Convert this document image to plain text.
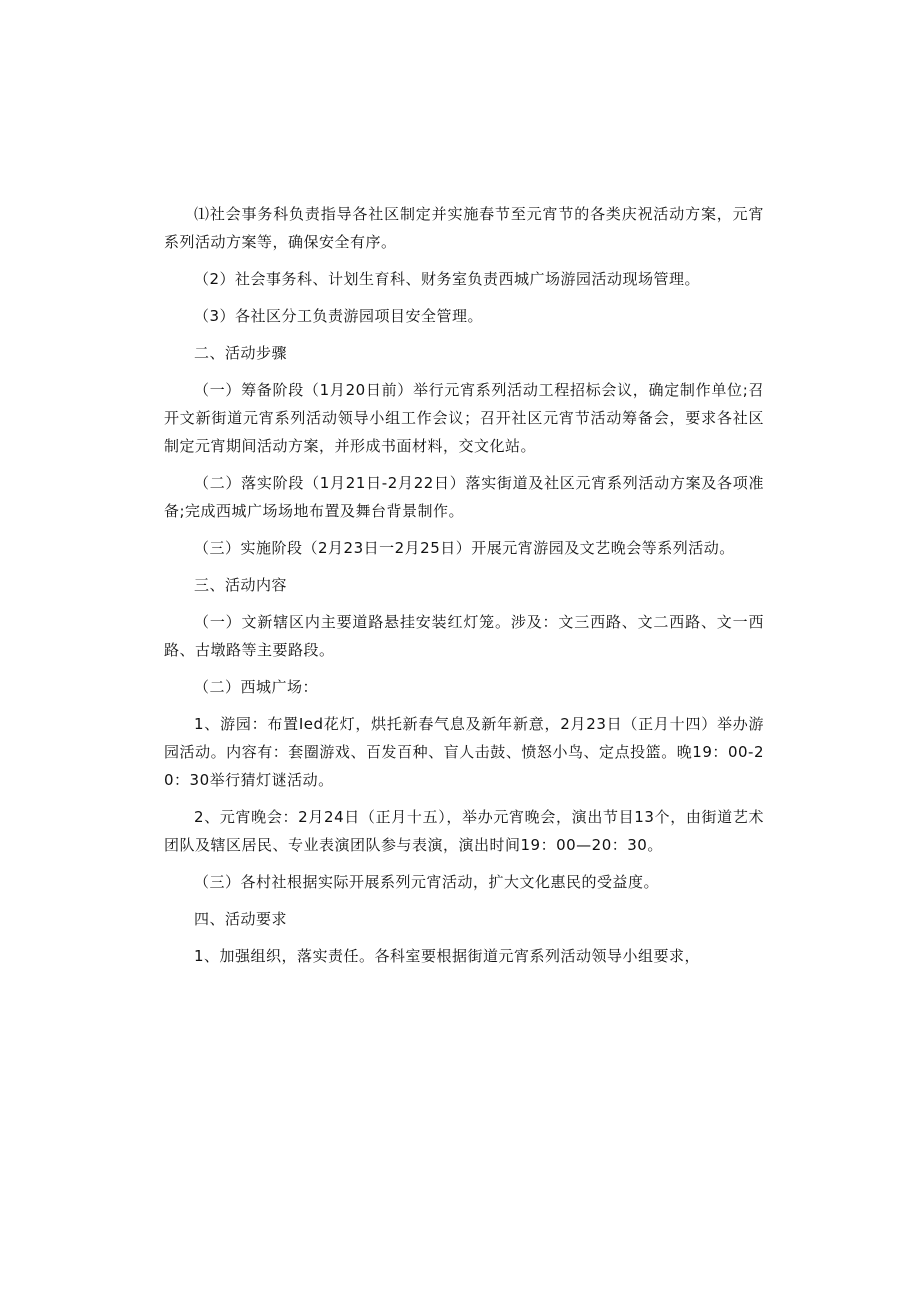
⑴社会事务科负责指导各社区制定并实施春节至元宵节的各类庆祝活动方案，元宵系列活动方案等，确保安全有序。

（2）社会事务科、计划生育科、财务室负责西城广场游园活动现场管理。

（3）各社区分工负责游园项目安全管理。

二、活动步骤

（一）筹备阶段（1月20日前）举行元宵系列活动工程招标会议，确定制作单位;召开文新街道元宵系列活动领导小组工作会议；召开社区元宵节活动筹备会，要求各社区制定元宵期间活动方案，并形成书面材料，交文化站。

（二）落实阶段（1月21日-2月22日）落实街道及社区元宵系列活动方案及各项准备;完成西城广场场地布置及舞台背景制作。

（三）实施阶段（2月23日一2月25日）开展元宵游园及文艺晚会等系列活动。

三、活动内容

（一）文新辖区内主要道路悬挂安装红灯笼。涉及：文三西路、文二西路、文一西路、古墩路等主要路段。

（二）西城广场：

1、游园：布置Ied花灯，烘托新春气息及新年新意，2月23日（正月十四）举办游园活动。内容有：套圈游戏、百发百种、盲人击鼓、愤怒小鸟、定点投篮。晚19：00-20：30举行猜灯谜活动。

2、元宵晚会：2月24日（正月十五），举办元宵晚会，演出节目13个，由街道艺术团队及辖区居民、专业表演团队参与表演，演出时间19：00—20：30。

（三）各村社根据实际开展系列元宵活动，扩大文化惠民的受益度。

四、活动要求

1、加强组织，落实责任。各科室要根据街道元宵系列活动领导小组要求，
